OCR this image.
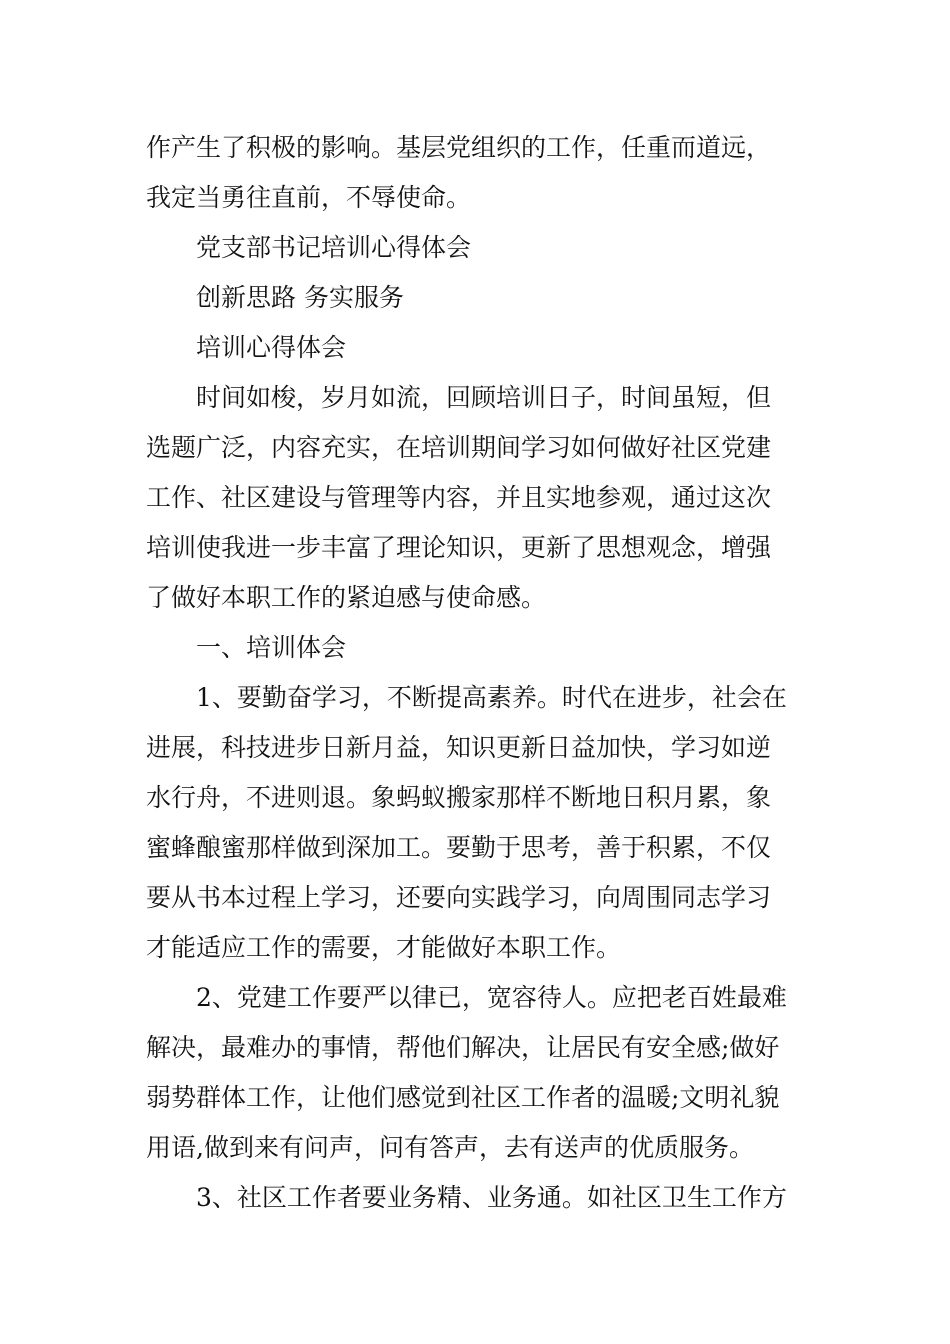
作产生了积极的影响。基层党组织的工作，任重而道远，
我定当勇往直前，不辱使命。
党支部书记培训心得体会
创新思路 务实服务
培训心得体会
时间如梭，岁月如流，回顾培训日子，时间虽短，但
选题广泛，内容充实，在培训期间学习如何做好社区党建
工作、社区建设与管理等内容，并且实地参观，通过这次
培训使我进一步丰富了理论知识，更新了思想观念，增强
了做好本职工作的紧迫感与使命感。
一、培训体会
1、要勤奋学习，不断提高素养。时代在进步，社会在
进展，科技进步日新月益，知识更新日益加快，学习如逆
水行舟，不进则退。象蚂蚁搬家那样不断地日积月累，象
蜜蜂酿蜜那样做到深加工。要勤于思考，善于积累，不仅
要从书本过程上学习，还要向实践学习，向周围同志学习
才能适应工作的需要，才能做好本职工作。
2、党建工作要严以律已，宽容待人。应把老百姓最难
解决，最难办的事情，帮他们解决，让居民有安全感;做好
弱势群体工作，让他们感觉到社区工作者的温暖;文明礼貌
用语,做到来有问声，问有答声，去有送声的优质服务。
3、社区工作者要业务精、业务通。如社区卫生工作方
